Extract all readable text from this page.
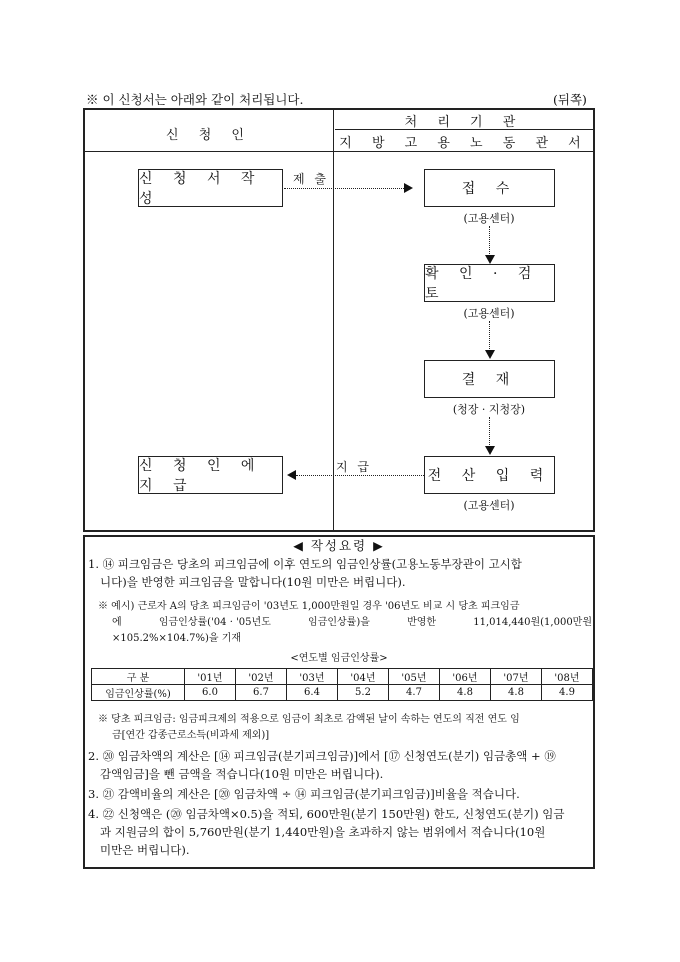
※ 이 신청서는 아래와 같이 처리됩니다.	(뒤쪽)
신 청 인
처 리 기 관
지 방 고 용 노 동 관 서
신 청 서 작 성
신 청 인 에 지 급
제 출
지 급
접 수
(고용센터)
확 인 · 검 토
(고용센터)
결 재
(청장 · 지청장)
전 산 입 력
(고용센터)
◀ 작성요령 ▶
1. ⑭ 피크임금은 당초의 피크임금에 이후 연도의 임금인상률(고용노동부장관이 고시합
니다)을 반영한 피크임금을 말합니다(10원 미만은 버립니다).
※ 예시) 근로자 A의 당초 피크임금이 '03년도 1,000만원일 경우 '06년도 비교 시 당초 피크임금
에	임금인상률('04 · '05년도	임금인상률)을	반영한	11,014,440원(1,000만원
×105.2%×104.7%)을 기재
<연도별 임금인상률>
구 분	'01년	'02년	'03년	'04년	'05년	'06년	'07년	'08년
임금인상률(%)	6.0	6.7	6.4	5.2	4.7	4.8	4.8	4.9
※ 당초 피크임금: 임금피크제의 적용으로 임금이 최초로 감액된 날이 속하는 연도의 직전 연도 임
금[연간 갑종근로소득(비과세 제외)]
2. ⑳ 임금차액의 계산은 [⑭ 피크임금(분기피크임금)]에서 [⑰ 신청연도(분기) 임금총액 + ⑲
감액임금]을 뺀 금액을 적습니다(10원 미만은 버립니다).
3. ㉑ 감액비율의 계산은 [⑳ 임금차액 ÷ ⑭ 피크임금(분기피크임금)]비율을 적습니다.
4. ㉒ 신청액은 (⑳ 임금차액×0.5)을 적되, 600만원(분기 150만원) 한도, 신청연도(분기) 임금
과 지원금의 합이 5,760만원(분기 1,440만원)을 초과하지 않는 범위에서 적습니다(10원
미만은 버립니다).
